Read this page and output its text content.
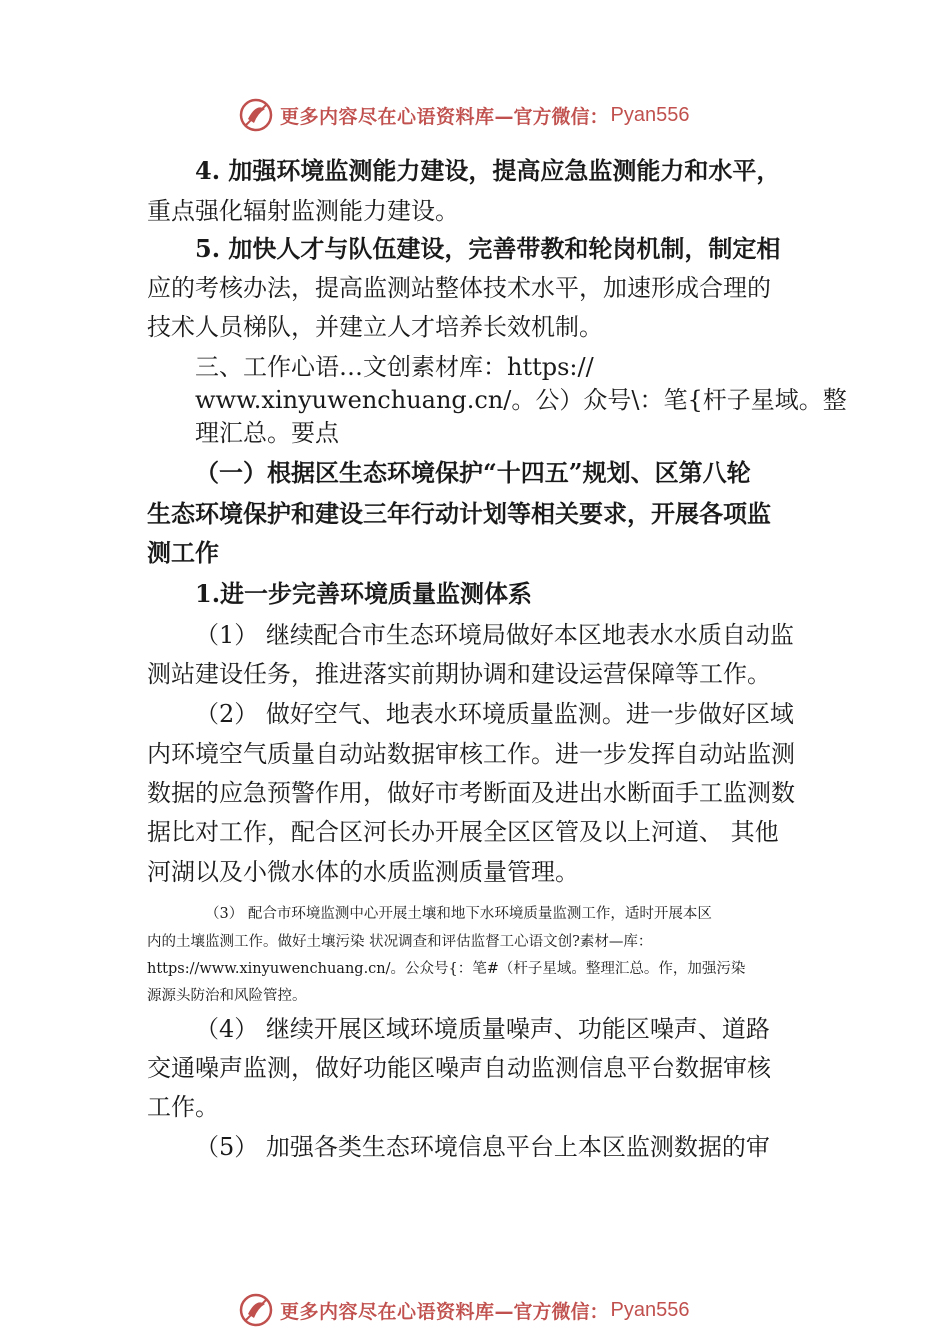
更多内容尽在心语资料库 —官方微信： Pyan556
4. 加强环境监测能力建设，提高应急监测能力和水平，
重点强化辐射监测能力建设。
5. 加快人才与队伍建设，完善带教和轮岗机制，制定相
应的考核办法，提高监测站整体技术水平，加速形成合理的
技术人员梯队，并建立人才培养长效机制。
三、工作心语…文创素材库：https://
www.xinyuwenchuang.cn/。公）众号\：笔{杆子星域。整
理汇总。要点
（一）根据区生态环境保护“十四五”规划、区第八轮
生态环境保护和建设三年行动计划等相关要求，开展各项监
测工作
1.进一步完善环境质量监测体系
（1） 继续配合市生态环境局做好本区地表水水质自动监
测站建设任务，推进落实前期协调和建设运营保障等工作。
（2） 做好空气、地表水环境质量监测。进一步做好区域
内环境空气质量自动站数据审核工作。进一步发挥自动站监测
数据的应急预警作用，做好市考断面及进出水断面手工监测数
据比对工作，配合区河长办开展全区区管及以上河道、 其他
河湖以及小微水体的水质监测质量管理。
（3） 配合市环境监测中心开展土壤和地下水环境质量监测工作，适时开展本区
内的土壤监测工作。做好土壤污染 状况调查和评估监督工心语文创?素材—库：
https://www.xinyuwenchuang.cn/。公众号{：笔#（杆子星域。整理汇总。作，加强污染
源源头防治和风险管控。
（4） 继续开展区域环境质量噪声、功能区噪声、道路
交通噪声监测，做好功能区噪声自动监测信息平台数据审核
工作。
（5） 加强各类生态环境信息平台上本区监测数据的审
更多内容尽在心语资料库 —官方微信： Pyan556
